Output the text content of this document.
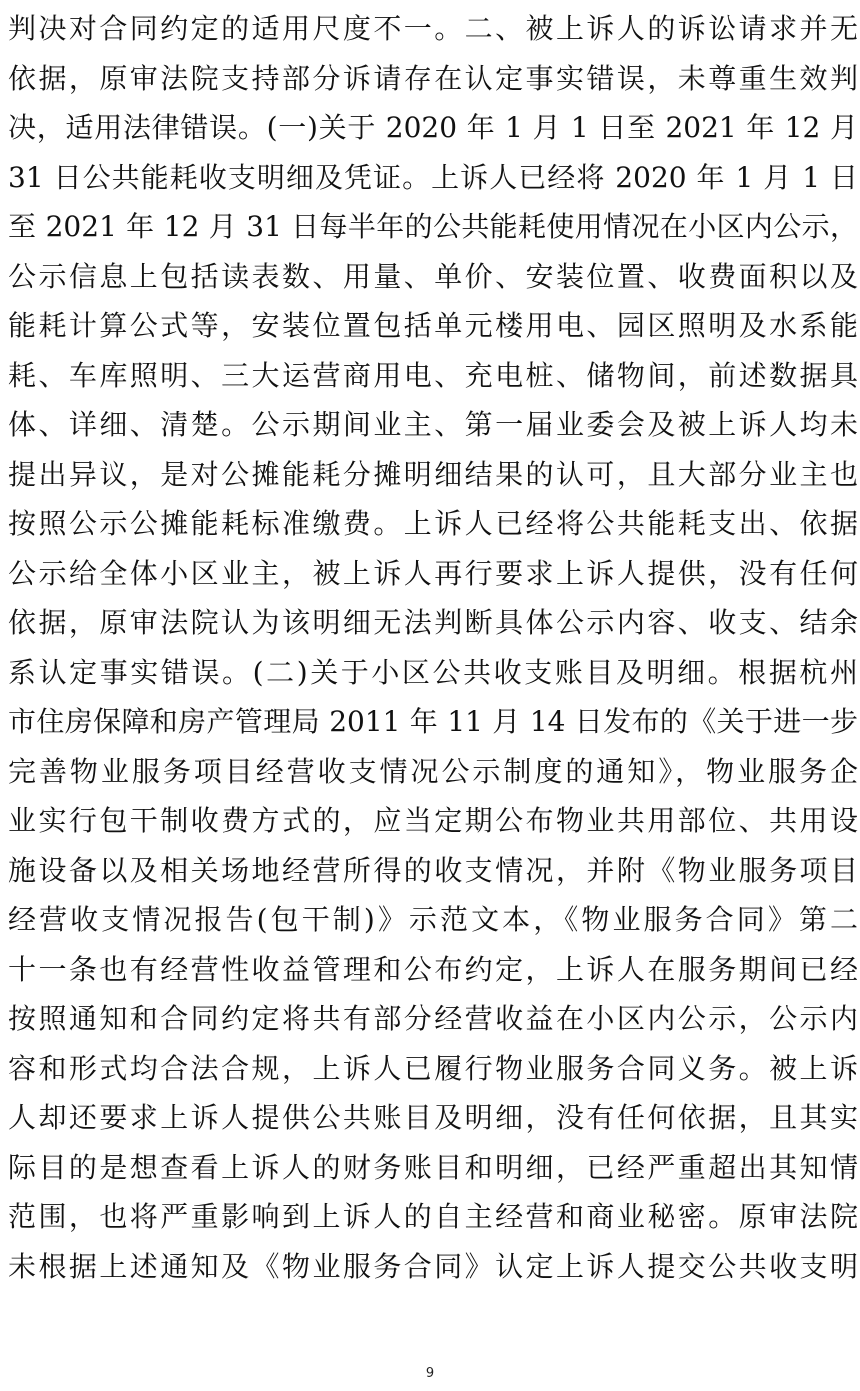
判决对合同约定的适用尺度不一。二、被上诉人的诉讼请求并无
依据，原审法院支持部分诉请存在认定事实错误，未尊重生效判
决，适用法律错误。(一)关于 2020 年 1 月 1 日至 2021 年 12 月
31 日公共能耗收支明细及凭证。上诉人已经将 2020 年 1 月 1 日
至 2021 年 12 月 31 日每半年的公共能耗使用情况在小区内公示，
公示信息上包括读表数、用量、单价、安装位置、收费面积以及
能耗计算公式等，安装位置包括单元楼用电、园区照明及水系能
耗、车库照明、三大运营商用电、充电桩、储物间，前述数据具
体、详细、清楚。公示期间业主、第一届业委会及被上诉人均未
提出异议，是对公摊能耗分摊明细结果的认可，且大部分业主也
按照公示公摊能耗标准缴费。上诉人已经将公共能耗支出、依据
公示给全体小区业主，被上诉人再行要求上诉人提供，没有任何
依据，原审法院认为该明细无法判断具体公示内容、收支、结余
系认定事实错误。(二)关于小区公共收支账目及明细。根据杭州
市住房保障和房产管理局 2011 年 11 月 14 日发布的《关于进一步
完善物业服务项目经营收支情况公示制度的通知》，物业服务企
业实行包干制收费方式的，应当定期公布物业共用部位、共用设
施设备以及相关场地经营所得的收支情况，并附《物业服务项目
经营收支情况报告(包干制)》示范文本，《物业服务合同》第二
十一条也有经营性收益管理和公布约定，上诉人在服务期间已经
按照通知和合同约定将共有部分经营收益在小区内公示，公示内
容和形式均合法合规，上诉人已履行物业服务合同义务。被上诉
人却还要求上诉人提供公共账目及明细，没有任何依据，且其实
际目的是想查看上诉人的财务账目和明细，已经严重超出其知情
范围，也将严重影响到上诉人的自主经营和商业秘密。原审法院
未根据上述通知及《物业服务合同》认定上诉人提交公共收支明
9
